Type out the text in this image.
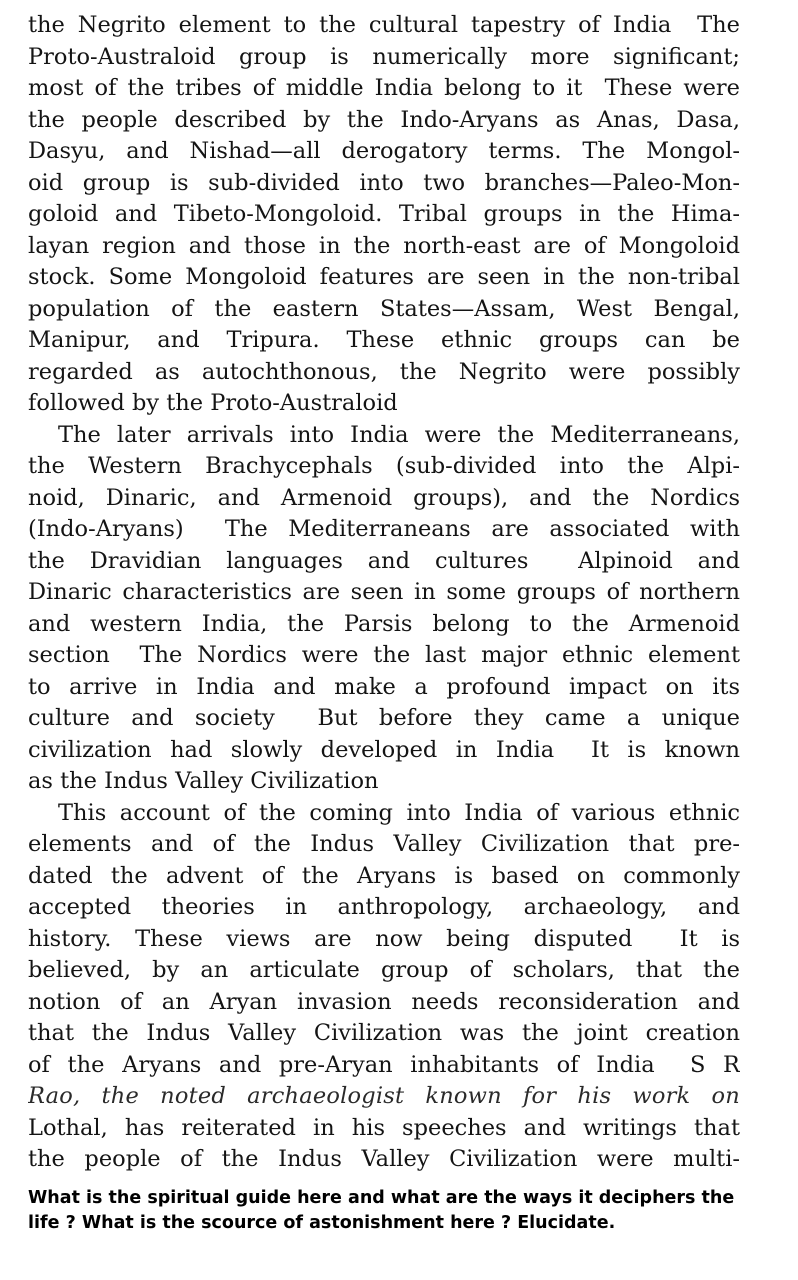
the Negrito element to the cultural tapestry of India  The
Proto-Australoid group is numerically more significant;
most of the tribes of middle India belong to it  These were
the people described by the Indo-Aryans as Anas, Dasa,
Dasyu, and Nishad—all derogatory terms. The Mongol-
oid group is sub-divided into two branches—Paleo-Mon-
goloid and Tibeto-Mongoloid. Tribal groups in the Hima-
layan region and those in the north-east are of Mongoloid
stock. Some Mongoloid features are seen in the non-tribal
population of the eastern States—Assam, West Bengal,
Manipur, and Tripura. These ethnic groups can be
regarded as autochthonous, the Negrito were possibly
followed by the Proto-Australoid
The later arrivals into India were the Mediterraneans,
the Western Brachycephals (sub-divided into the Alpi-
noid, Dinaric, and Armenoid groups), and the Nordics
(Indo-Aryans)  The Mediterraneans are associated with
the Dravidian languages and cultures  Alpinoid and
Dinaric characteristics are seen in some groups of northern
and western India, the Parsis belong to the Armenoid
section  The Nordics were the last major ethnic element
to arrive in India and make a profound impact on its
culture and society  But before they came a unique
civilization had slowly developed in India  It is known
as the Indus Valley Civilization
This account of the coming into India of various ethnic
elements and of the Indus Valley Civilization that pre-
dated the advent of the Aryans is based on commonly
accepted theories in anthropology, archaeology, and
history. These views are now being disputed  It is
believed, by an articulate group of scholars, that the
notion of an Aryan invasion needs reconsideration and
that the Indus Valley Civilization was the joint creation
of the Aryans and pre-Aryan inhabitants of India  S R
Rao, the noted archaeologist known for his work on
Lothal, has reiterated in his speeches and writings that
the people of the Indus Valley Civilization were multi-
What is the spiritual guide here and what are the ways it deciphers the
life ? What is the scource of astonishment here ? Elucidate.
